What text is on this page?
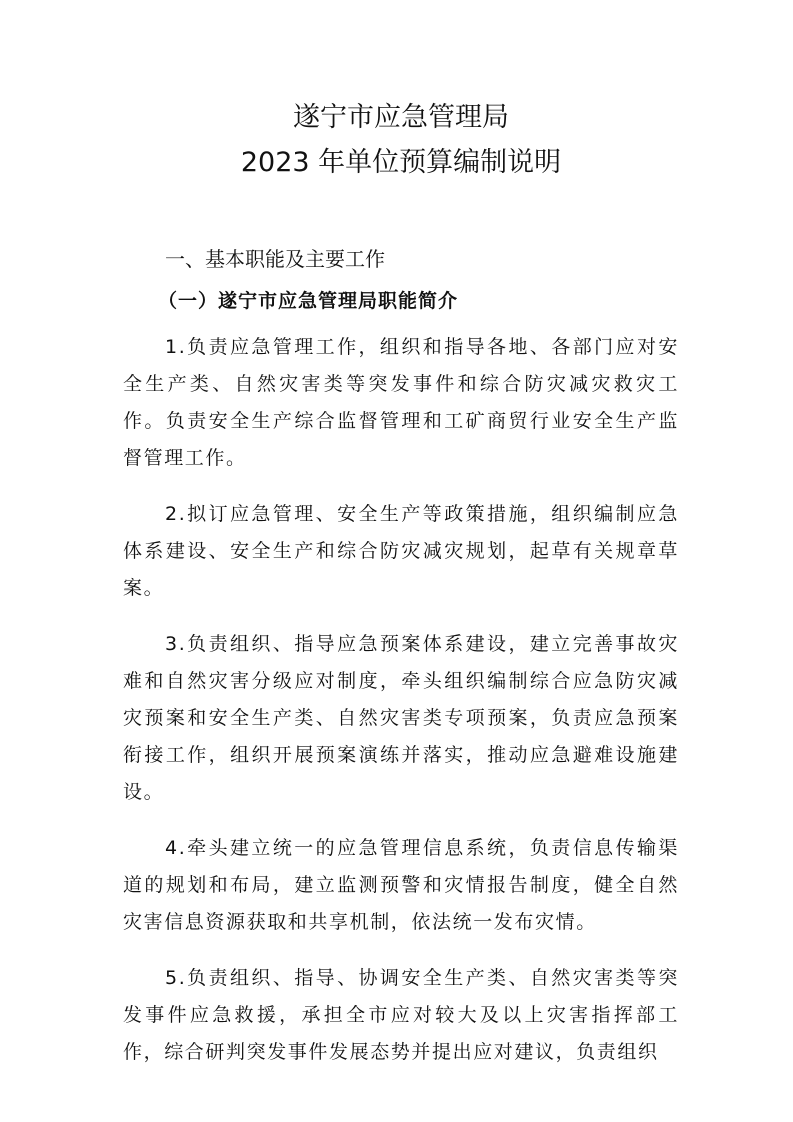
遂宁市应急管理局
2023 年单位预算编制说明
一、基本职能及主要工作
（一）遂宁市应急管理局职能简介

1.负责应急管理工作，组织和指导各地、各部门应对安全生产类、自然灾害类等突发事件和综合防灾减灾救灾工作。负责安全生产综合监督管理和工矿商贸行业安全生产监督管理工作。

2.拟订应急管理、安全生产等政策措施，组织编制应急体系建设、安全生产和综合防灾减灾规划，起草有关规章草案。

3.负责组织、指导应急预案体系建设，建立完善事故灾难和自然灾害分级应对制度，牵头组织编制综合应急防灾减灾预案和安全生产类、自然灾害类专项预案，负责应急预案衔接工作，组织开展预案演练并落实，推动应急避难设施建设。

4.牵头建立统一的应急管理信息系统，负责信息传输渠道的规划和布局，建立监测预警和灾情报告制度，健全自然灾害信息资源获取和共享机制，依法统一发布灾情。

5.负责组织、指导、协调安全生产类、自然灾害类等突发事件应急救援，承担全市应对较大及以上灾害指挥部工作，综合研判突发事件发展态势并提出应对建议，负责组织
